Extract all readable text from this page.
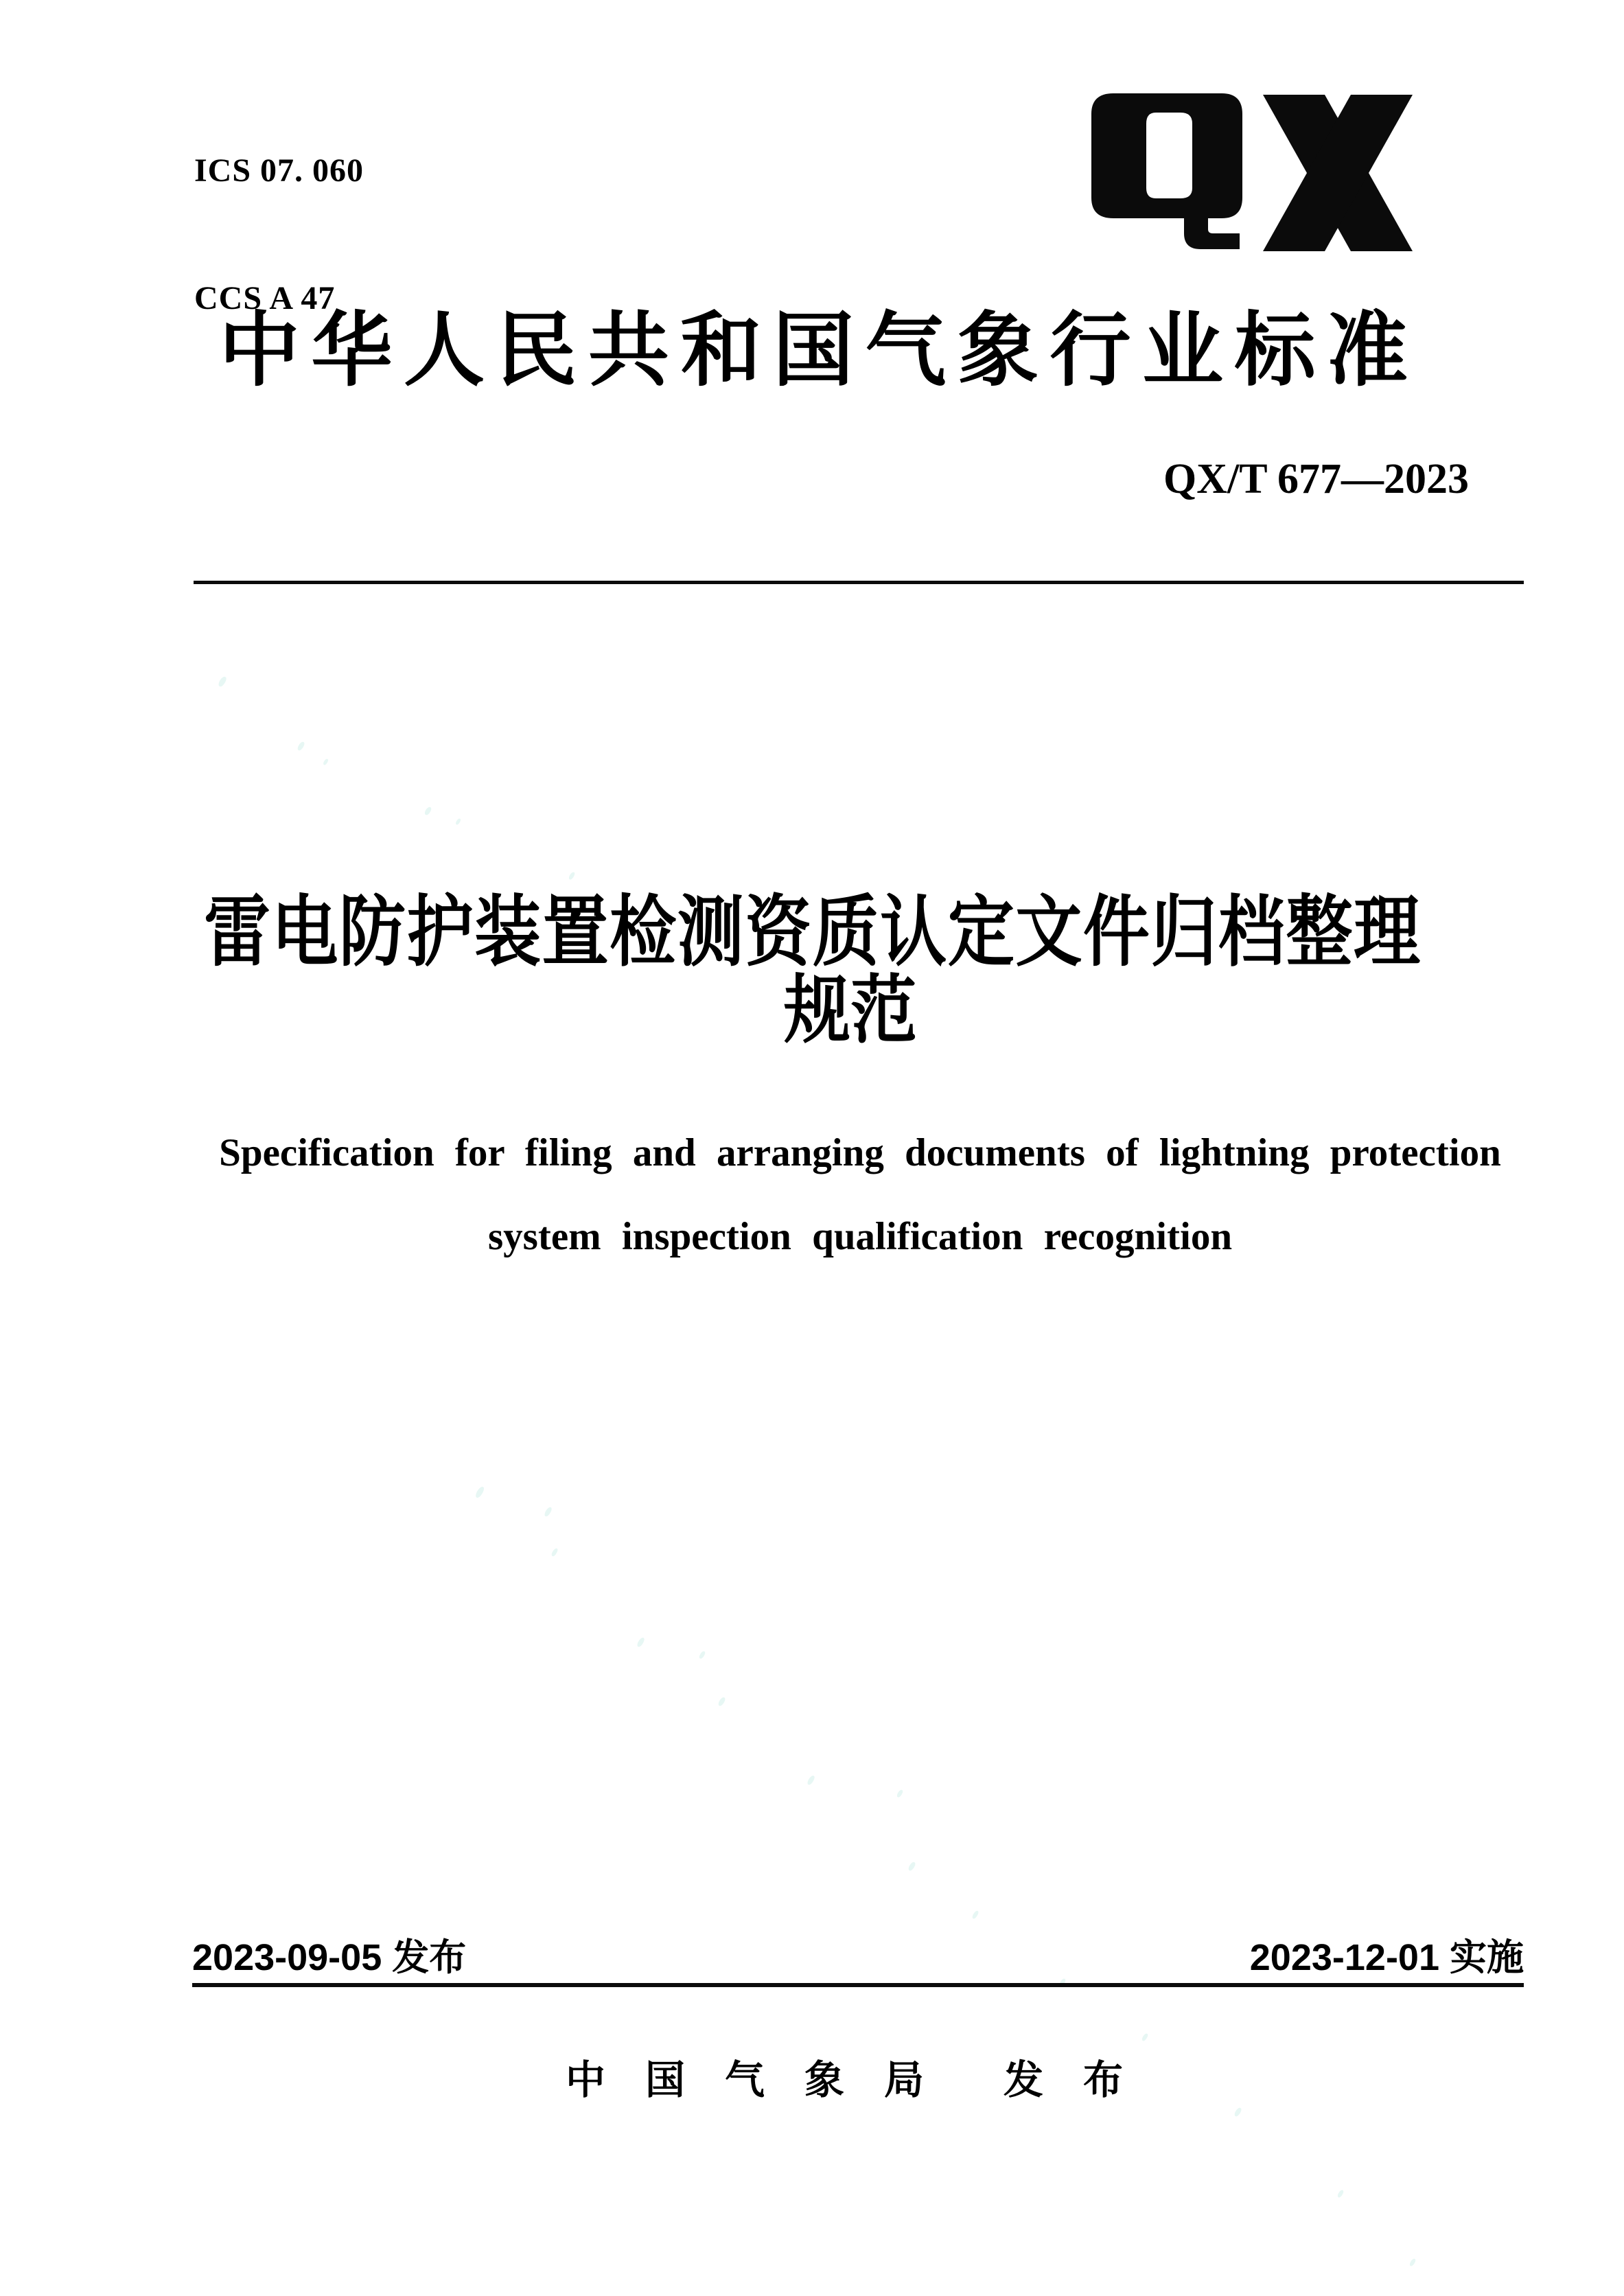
ICS 07. 060

CCS A 47

中华人民共和国气象行业标准
QX/T 677—2023
雷电防护装置检测资质认定文件归档整理
规范
Specification for filing and arranging documents of lightning protection
system inspection qualification recognition
2023-09-05 发布	2023-12-01 实施
中　国　气　象　局　　发　布
